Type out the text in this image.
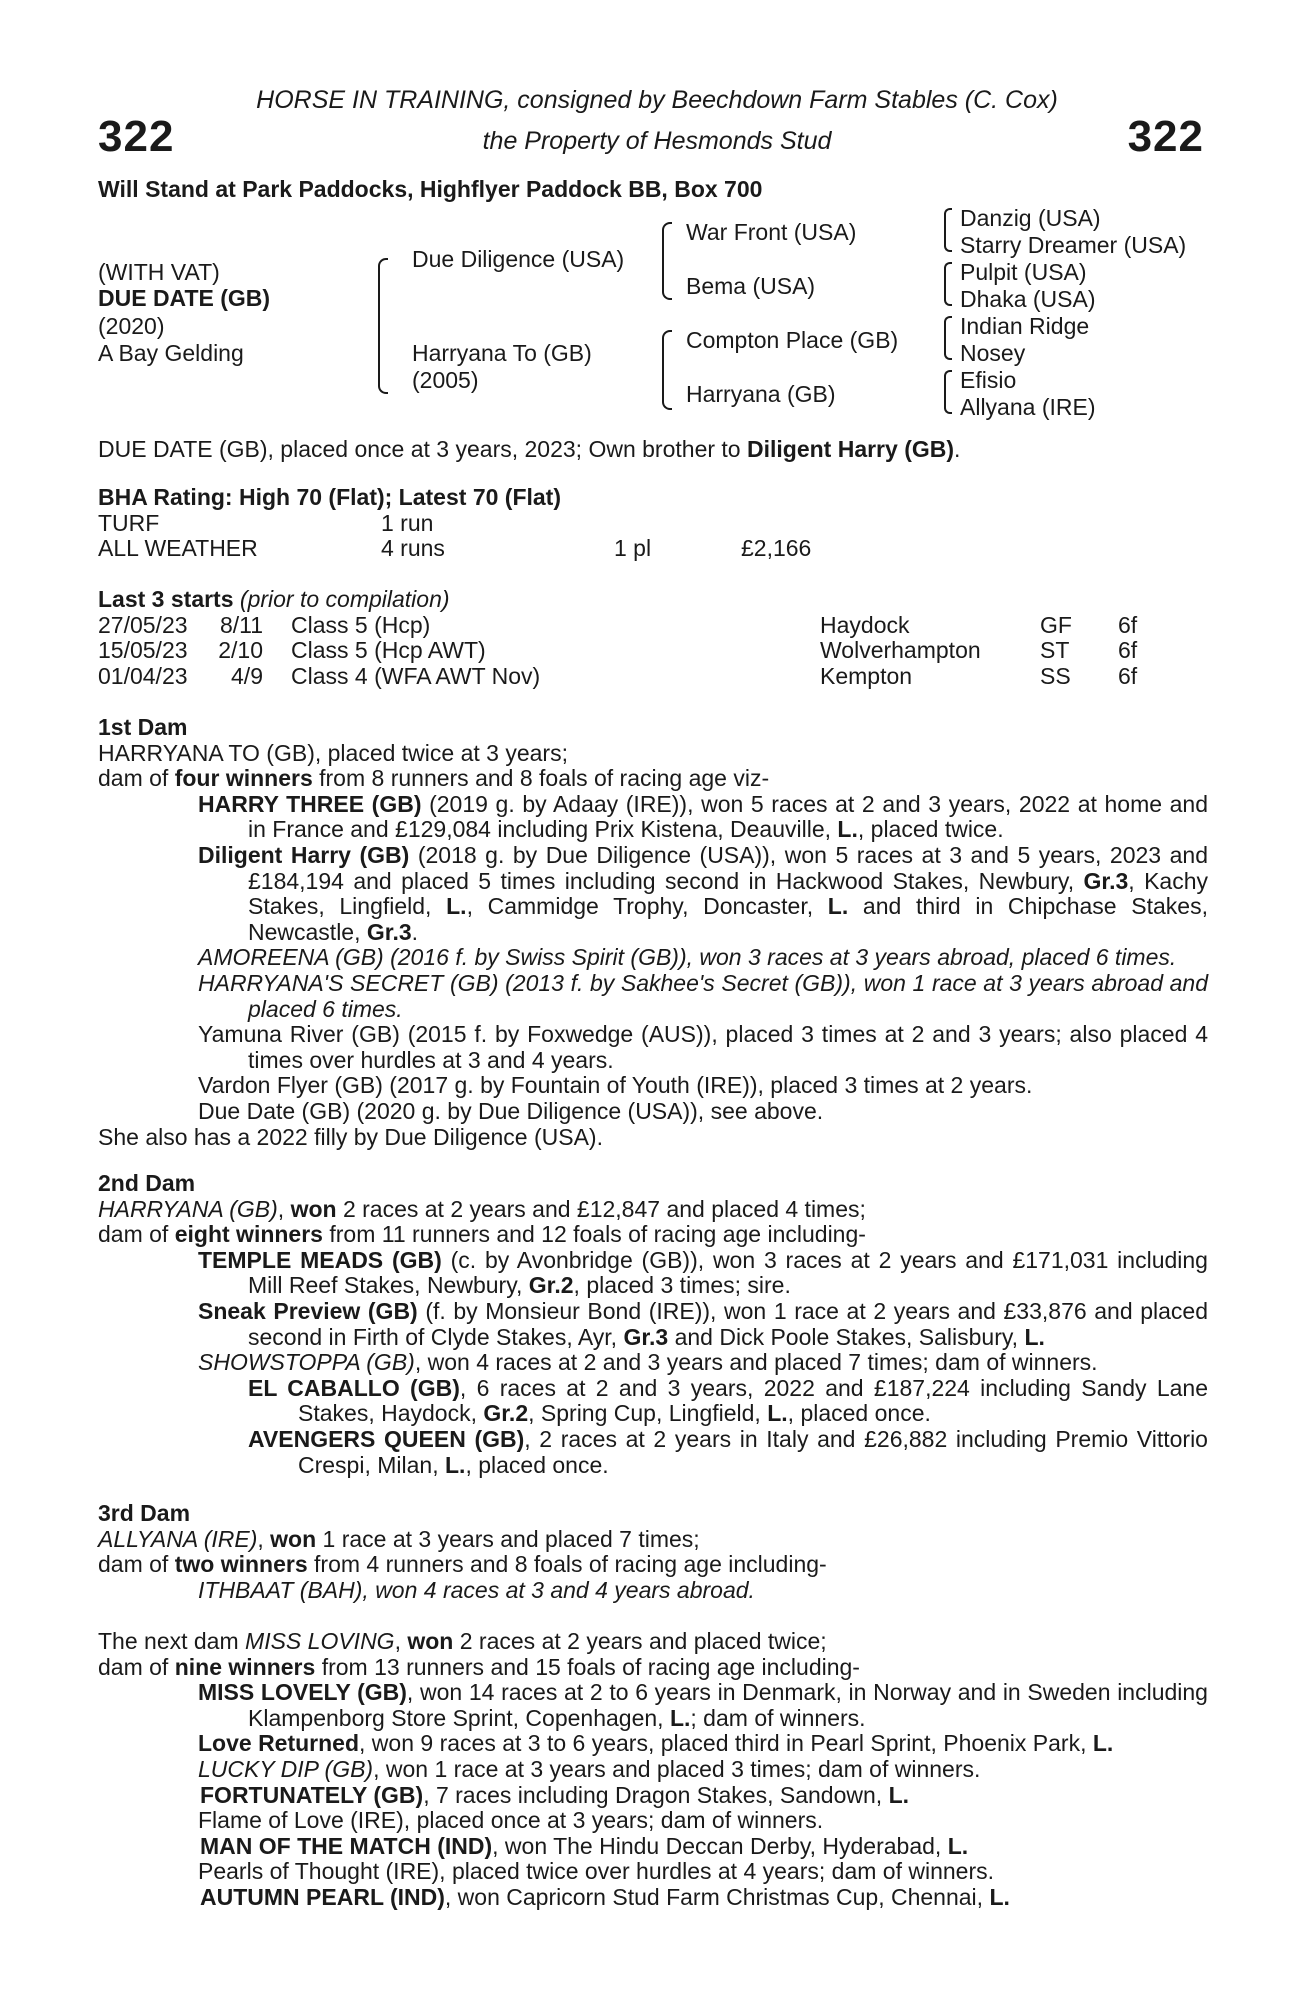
HORSE IN TRAINING, consigned by Beechdown Farm Stables (C. Cox)
the Property of Hesmonds Stud
322	322
Will Stand at Park Paddocks, Highflyer Paddock BB, Box 700
(WITH VAT)
DUE DATE (GB)
(2020)
A Bay Gelding
Due Diligence (USA)
Harryana To (GB)
(2005)
War Front (USA)
Bema (USA)
Compton Place (GB)
Harryana (GB)
Danzig (USA)
Starry Dreamer (USA)
Pulpit (USA)
Dhaka (USA)
Indian Ridge
Nosey
Efisio
Allyana (IRE)
DUE DATE (GB), placed once at 3 years, 2023; Own brother to Diligent Harry (GB).
BHA Rating: High 70 (Flat); Latest 70 (Flat)
TURF	1 run
ALL WEATHER	4 runs	1 pl	£2,166
Last 3 starts (prior to compilation)
27/05/23	8/11 Class 5 (Hcp)	Haydock	GF 6f
15/05/23	2/10 Class 5 (Hcp AWT)	Wolverhampton	ST 6f
01/04/23	4/9 Class 4 (WFA AWT Nov)	Kempton	SS 6f
1st Dam
HARRYANA TO (GB), placed twice at 3 years;
dam of four winners from 8 runners and 8 foals of racing age viz-
HARRY THREE (GB) (2019 g. by Adaay (IRE)), won 5 races at 2 and 3 years, 2022 at home and in France and £129,084 including Prix Kistena, Deauville, L., placed twice.
Diligent Harry (GB) (2018 g. by Due Diligence (USA)), won 5 races at 3 and 5 years, 2023 and £184,194 and placed 5 times including second in Hackwood Stakes, Newbury, Gr.3, Kachy Stakes, Lingfield, L., Cammidge Trophy, Doncaster, L. and third in Chipchase Stakes, Newcastle, Gr.3.
AMOREENA (GB) (2016 f. by Swiss Spirit (GB)), won 3 races at 3 years abroad, placed 6 times.
HARRYANA'S SECRET (GB) (2013 f. by Sakhee's Secret (GB)), won 1 race at 3 years abroad and placed 6 times.
Yamuna River (GB) (2015 f. by Foxwedge (AUS)), placed 3 times at 2 and 3 years; also placed 4 times over hurdles at 3 and 4 years.
Vardon Flyer (GB) (2017 g. by Fountain of Youth (IRE)), placed 3 times at 2 years.
Due Date (GB) (2020 g. by Due Diligence (USA)), see above.
She also has a 2022 filly by Due Diligence (USA).
2nd Dam
HARRYANA (GB), won 2 races at 2 years and £12,847 and placed 4 times;
dam of eight winners from 11 runners and 12 foals of racing age including-
TEMPLE MEADS (GB) (c. by Avonbridge (GB)), won 3 races at 2 years and £171,031 including Mill Reef Stakes, Newbury, Gr.2, placed 3 times; sire.
Sneak Preview (GB) (f. by Monsieur Bond (IRE)), won 1 race at 2 years and £33,876 and placed second in Firth of Clyde Stakes, Ayr, Gr.3 and Dick Poole Stakes, Salisbury, L.
SHOWSTOPPA (GB), won 4 races at 2 and 3 years and placed 7 times; dam of winners.
EL CABALLO (GB), 6 races at 2 and 3 years, 2022 and £187,224 including Sandy Lane Stakes, Haydock, Gr.2, Spring Cup, Lingfield, L., placed once.
AVENGERS QUEEN (GB), 2 races at 2 years in Italy and £26,882 including Premio Vittorio Crespi, Milan, L., placed once.
3rd Dam
ALLYANA (IRE), won 1 race at 3 years and placed 7 times;
dam of two winners from 4 runners and 8 foals of racing age including-
ITHBAAT (BAH), won 4 races at 3 and 4 years abroad.
The next dam MISS LOVING, won 2 races at 2 years and placed twice;
dam of nine winners from 13 runners and 15 foals of racing age including-
MISS LOVELY (GB), won 14 races at 2 to 6 years in Denmark, in Norway and in Sweden including Klampenborg Store Sprint, Copenhagen, L.; dam of winners.
Love Returned, won 9 races at 3 to 6 years, placed third in Pearl Sprint, Phoenix Park, L.
LUCKY DIP (GB), won 1 race at 3 years and placed 3 times; dam of winners.
FORTUNATELY (GB), 7 races including Dragon Stakes, Sandown, L.
Flame of Love (IRE), placed once at 3 years; dam of winners.
MAN OF THE MATCH (IND), won The Hindu Deccan Derby, Hyderabad, L.
Pearls of Thought (IRE), placed twice over hurdles at 4 years; dam of winners.
AUTUMN PEARL (IND), won Capricorn Stud Farm Christmas Cup, Chennai, L.
